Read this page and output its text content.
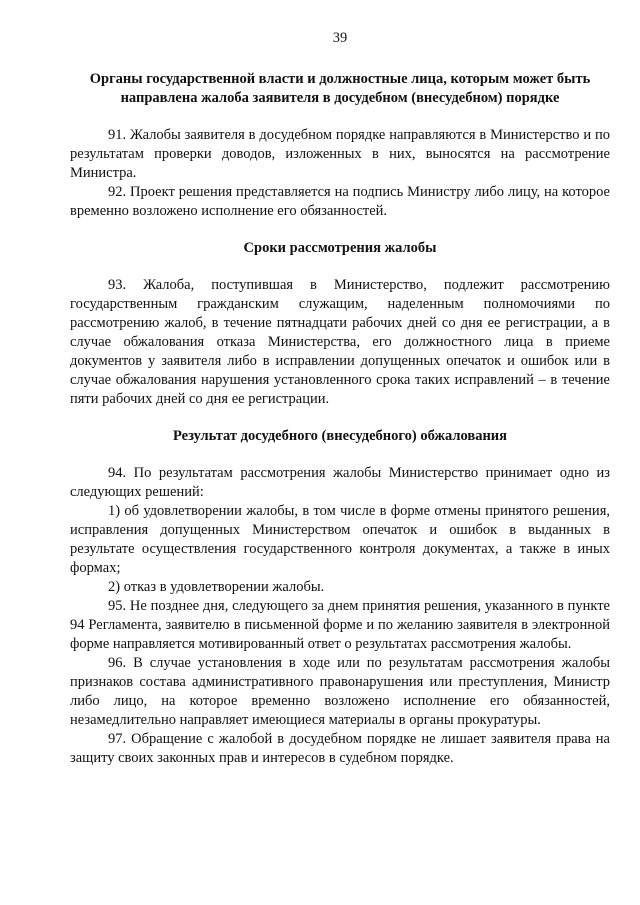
39
Органы государственной власти и должностные лица, которым может быть направлена жалоба заявителя в досудебном (внесудебном) порядке

91. Жалобы заявителя в досудебном порядке направляются в Министерство и по результатам проверки доводов, изложенных в них, выносятся на рассмотрение Министра.

92. Проект решения представляется на подпись Министру либо лицу, на которое временно возложено исполнение его обязанностей.

Сроки рассмотрения жалобы

93. Жалоба, поступившая в Министерство, подлежит рассмотрению государственным гражданским служащим, наделенным полномочиями по рассмотрению жалоб, в течение пятнадцати рабочих дней со дня ее регистрации, а в случае обжалования отказа Министерства, его должностного лица в приеме документов у заявителя либо в исправлении допущенных опечаток и ошибок или в случае обжалования нарушения установленного срока таких исправлений – в течение пяти рабочих дней со дня ее регистрации.

Результат досудебного (внесудебного) обжалования

94. По результатам рассмотрения жалобы Министерство принимает одно из следующих решений:

1) об удовлетворении жалобы, в том числе в форме отмены принятого решения, исправления допущенных Министерством опечаток и ошибок в выданных в результате осуществления государственного контроля документах, а также в иных формах;

2) отказ в удовлетворении жалобы.

95. Не позднее дня, следующего за днем принятия решения, указанного в пункте 94 Регламента, заявителю в письменной форме и по желанию заявителя в электронной форме направляется мотивированный ответ о результатах рассмотрения жалобы.

96. В случае установления в ходе или по результатам рассмотрения жалобы признаков состава административного правонарушения или преступления, Министр либо лицо, на которое временно возложено исполнение его обязанностей, незамедлительно направляет имеющиеся материалы в органы прокуратуры.

97. Обращение с жалобой в досудебном порядке не лишает заявителя права на защиту своих законных прав и интересов в судебном порядке.
